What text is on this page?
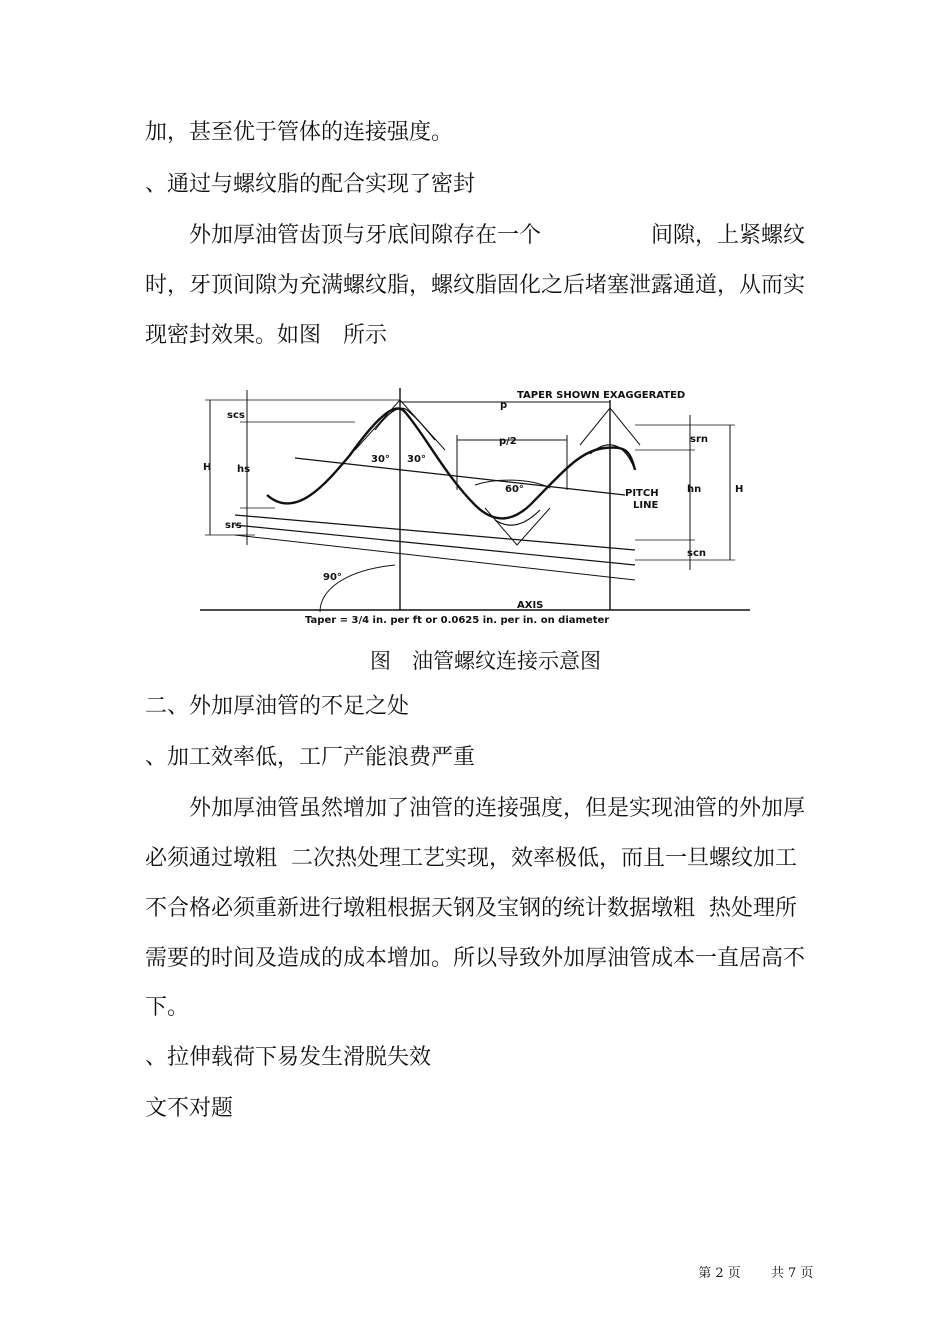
加，甚至优于管体的连接强度。
、通过与螺纹脂的配合实现了密封
　　外加厚油管齿顶与牙底间隙存在一个　　　　　间隙，上紧螺纹
时，牙顶间隙为充满螺纹脂，螺纹脂固化之后堵塞泄露通道，从而实
现密封效果。如图　所示
TAPER SHOWN EXAGGERATED
p
p/2
scs
srn
H
H
hs
hn
srs
scn
30° 30°
60°	PITCH
LINE
90°
AXIS
Taper = 3/4 in. per ft or 0.0625 in. per in. on diameter
图　油管螺纹连接示意图
二、外加厚油管的不足之处
、加工效率低，工厂产能浪费严重
　　外加厚油管虽然增加了油管的连接强度，但是实现油管的外加厚
必须通过墩粗  二次热处理工艺实现，效率极低，而且一旦螺纹加工
不合格必须重新进行墩粗根据天钢及宝钢的统计数据墩粗  热处理所
需要的时间及造成的成本增加。所以导致外加厚油管成本一直居高不
下。
、拉伸载荷下易发生滑脱失效
文不对题

第 2 页 共 7 页
